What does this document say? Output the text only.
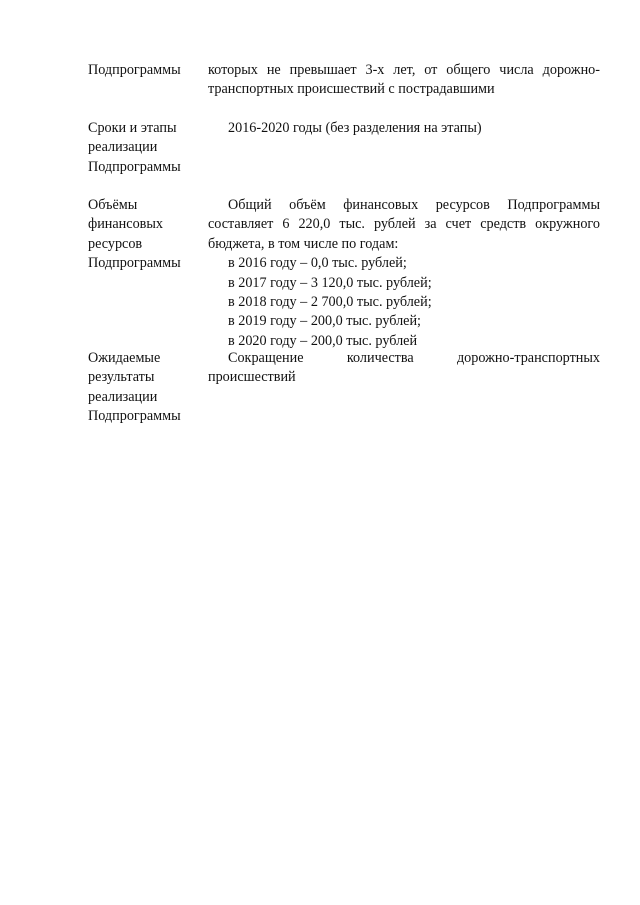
Подпрограммы	которых не превышает 3-х лет, от общего числа дорожно-

транспортных происшествий с пострадавшими

Сроки и этапы
реализации
Подпрограммы

2016-2020 годы (без разделения на этапы)

Объёмы
финансовых
ресурсов
Подпрограммы

Общий объём финансовых ресурсов Подпрограммы составляет 6 220,0 тыс. рублей за счет средств окружного бюджета, в том числе по годам:

в 2016 году – 0,0 тыс. рублей;

в 2017 году – 3 120,0 тыс. рублей;

в 2018 году – 2 700,0 тыс. рублей;

в 2019 году – 200,0 тыс. рублей;

в 2020 году – 200,0 тыс. рублей

Ожидаемые
результаты
реализации
Подпрограммы

Сокращение количества дорожно-транспортных происшествий
